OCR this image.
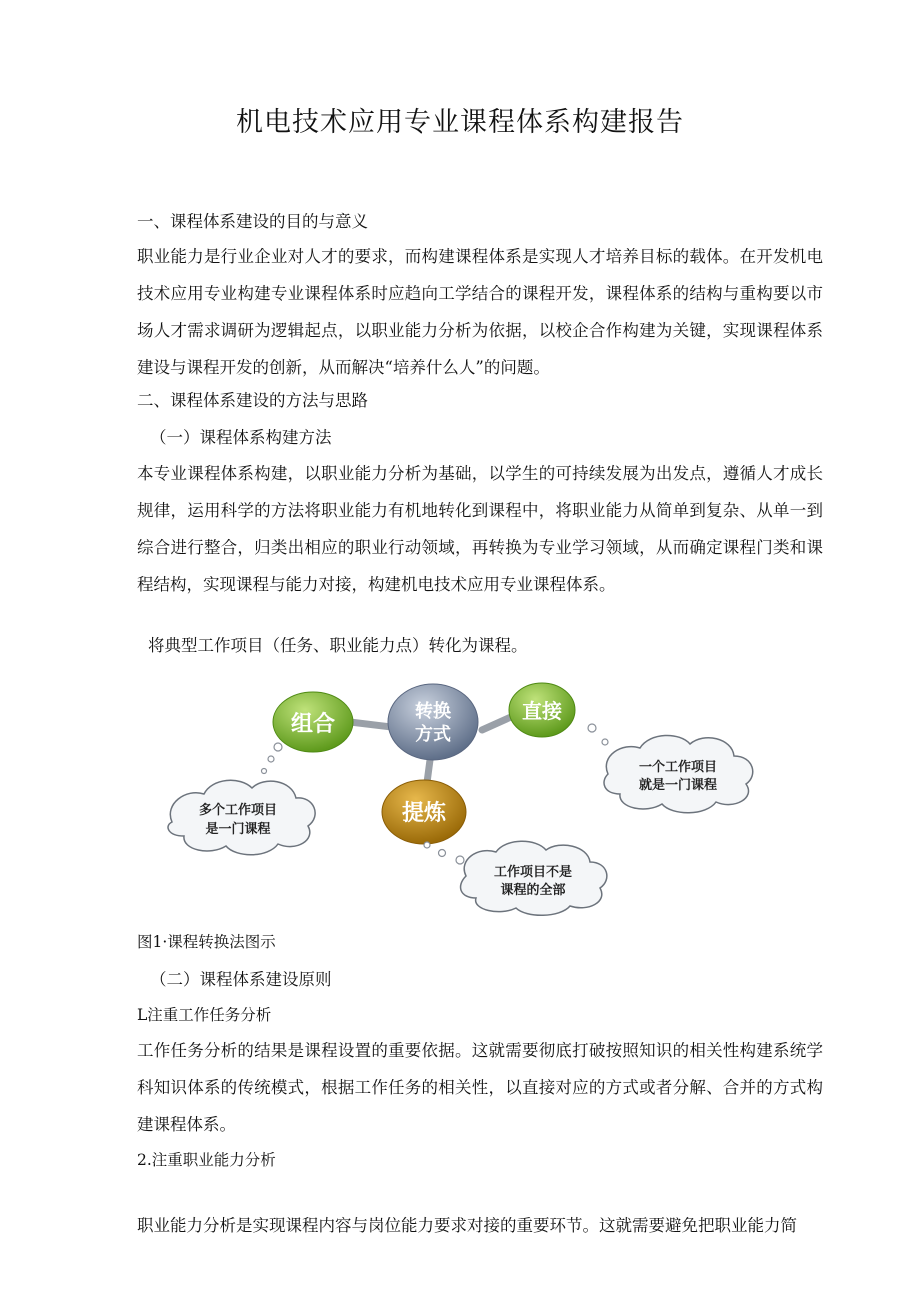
机电技术应用专业课程体系构建报告
一、课程体系建设的目的与意义
职业能力是行业企业对人才的要求，而构建课程体系是实现人才培养目标的载体。在开发机电技术应用专业构建专业课程体系时应趋向工学结合的课程开发，课程体系的结构与重构要以市场人才需求调研为逻辑起点，以职业能力分析为依据，以校企合作构建为关键，实现课程体系建设与课程开发的创新，从而解决“培养什么人”的问题。
二、课程体系建设的方法与思路
（一）课程体系构建方法
本专业课程体系构建，以职业能力分析为基础，以学生的可持续发展为出发点，遵循人才成长规律，运用科学的方法将职业能力有机地转化到课程中，将职业能力从简单到复杂、从单一到综合进行整合，归类出相应的职业行动领域，再转换为专业学习领域，从而确定课程门类和课程结构，实现课程与能力对接，构建机电技术应用专业课程体系。
将典型工作项目（任务、职业能力点）转化为课程。
组合
转换
方式
直接
提炼
多个工作项目
是一门课程
一个工作项目
就是一门课程
工作项目不是
课程的全部
图1·课程转换法图示
（二）课程体系建设原则
L注重工作任务分析
工作任务分析的结果是课程设置的重要依据。这就需要彻底打破按照知识的相关性构建系统学科知识体系的传统模式，根据工作任务的相关性，以直接对应的方式或者分解、合并的方式构建课程体系。
2.注重职业能力分析
职业能力分析是实现课程内容与岗位能力要求对接的重要环节。这就需要避免把职业能力简
